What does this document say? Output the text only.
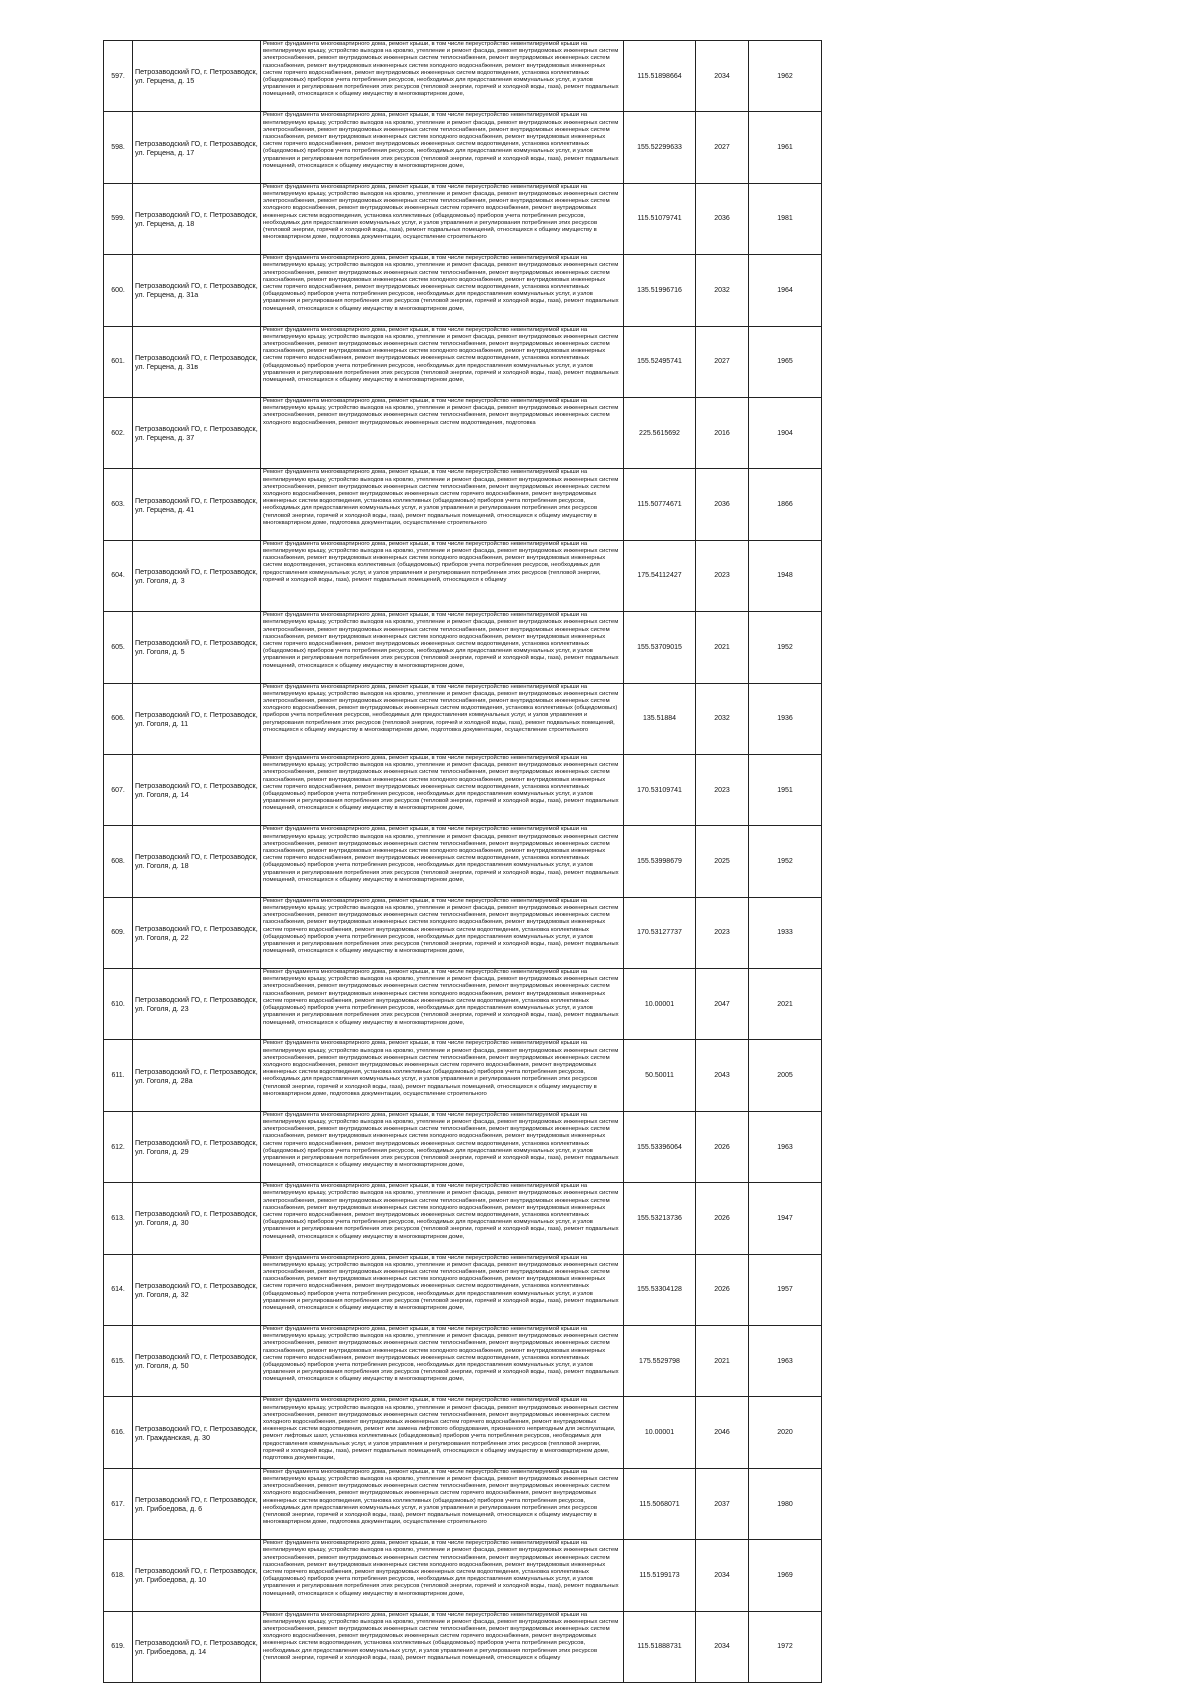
597.	Петрозаводский ГО, г. Петрозаводск, ул. Герцена, д. 15	Ремонт фундамента многоквартирного дома, ремонт крыши, в том числе переустройство невентилируемой крыши на вентилируемую крышу, устройство выходов на кровлю, утепление и ремонт фасада, ремонт внутридомовых инженерных систем электроснабжения, ремонт внутридомовых инженерных систем теплоснабжения, ремонт внутридомовых инженерных систем газоснабжения, ремонт внутридомовых инженерных систем холодного водоснабжения, ремонт внутридомовых инженерных систем горячего водоснабжения, ремонт внутридомовых инженерных систем водоотведения, установка коллективных (общедомовых) приборов учета потребления ресурсов, необходимых для предоставления коммунальных услуг, и узлов управления и регулирования потребления этих ресурсов (тепловой энергии, горячей и холодной воды, газа), ремонт подвальных помещений, относящихся к общему имуществу в многоквартирном доме,	115.51898664	2034	1962
598.	Петрозаводский ГО, г. Петрозаводск, ул. Герцена, д. 17	Ремонт фундамента многоквартирного дома, ремонт крыши, в том числе переустройство невентилируемой крыши на вентилируемую крышу, устройство выходов на кровлю, утепление и ремонт фасада, ремонт внутридомовых инженерных систем электроснабжения, ремонт внутридомовых инженерных систем теплоснабжения, ремонт внутридомовых инженерных систем газоснабжения, ремонт внутридомовых инженерных систем холодного водоснабжения, ремонт внутридомовых инженерных систем горячего водоснабжения, ремонт внутридомовых инженерных систем водоотведения, установка коллективных (общедомовых) приборов учета потребления ресурсов, необходимых для предоставления коммунальных услуг, и узлов управления и регулирования потребления этих ресурсов (тепловой энергии, горячей и холодной воды, газа), ремонт подвальных помещений, относящихся к общему имуществу в многоквартирном доме,	155.52299633	2027	1961
599.	Петрозаводский ГО, г. Петрозаводск, ул. Герцена, д. 18	Ремонт фундамента многоквартирного дома, ремонт крыши, в том числе переустройство невентилируемой крыши на вентилируемую крышу, устройство выходов на кровлю, утепление и ремонт фасада, ремонт внутридомовых инженерных систем электроснабжения, ремонт внутридомовых инженерных систем теплоснабжения, ремонт внутридомовых инженерных систем холодного водоснабжения, ремонт внутридомовых инженерных систем горячего водоснабжения, ремонт внутридомовых инженерных систем водоотведения, установка коллективных (общедомовых) приборов учета потребления ресурсов, необходимых для предоставления коммунальных услуг, и узлов управления и регулирования потребления этих ресурсов (тепловой энергии, горячей и холодной воды, газа), ремонт подвальных помещений, относящихся к общему имуществу в многоквартирном доме, подготовка документации, осуществление строительного	115.51079741	2036	1981
600.	Петрозаводский ГО, г. Петрозаводск, ул. Герцена, д. 31а	Ремонт фундамента многоквартирного дома, ремонт крыши, в том числе переустройство невентилируемой крыши на вентилируемую крышу, устройство выходов на кровлю, утепление и ремонт фасада, ремонт внутридомовых инженерных систем электроснабжения, ремонт внутридомовых инженерных систем теплоснабжения, ремонт внутридомовых инженерных систем газоснабжения, ремонт внутридомовых инженерных систем холодного водоснабжения, ремонт внутридомовых инженерных систем горячего водоснабжения, ремонт внутридомовых инженерных систем водоотведения, установка коллективных (общедомовых) приборов учета потребления ресурсов, необходимых для предоставления коммунальных услуг, и узлов управления и регулирования потребления этих ресурсов (тепловой энергии, горячей и холодной воды, газа), ремонт подвальных помещений, относящихся к общему имуществу в многоквартирном доме,	135.51996716	2032	1964
601.	Петрозаводский ГО, г. Петрозаводск, ул. Герцена, д. 31в	Ремонт фундамента многоквартирного дома, ремонт крыши, в том числе переустройство невентилируемой крыши на вентилируемую крышу, устройство выходов на кровлю, утепление и ремонт фасада, ремонт внутридомовых инженерных систем электроснабжения, ремонт внутридомовых инженерных систем теплоснабжения, ремонт внутридомовых инженерных систем газоснабжения, ремонт внутридомовых инженерных систем холодного водоснабжения, ремонт внутридомовых инженерных систем горячего водоснабжения, ремонт внутридомовых инженерных систем водоотведения, установка коллективных (общедомовых) приборов учета потребления ресурсов, необходимых для предоставления коммунальных услуг, и узлов управления и регулирования потребления этих ресурсов (тепловой энергии, горячей и холодной воды, газа), ремонт подвальных помещений, относящихся к общему имуществу в многоквартирном доме,	155.52495741	2027	1965
602.	Петрозаводский ГО, г. Петрозаводск, ул. Герцена, д. 37	Ремонт фундамента многоквартирного дома, ремонт крыши, в том числе переустройство невентилируемой крыши на вентилируемую крышу, устройство выходов на кровлю, утепление и ремонт фасада, ремонт внутридомовых инженерных систем электроснабжения, ремонт внутридомовых инженерных систем теплоснабжения, ремонт внутридомовых инженерных систем холодного водоснабжения, ремонт внутридомовых инженерных систем водоотведения, подготовка	225.5615692	2016	1904
603.	Петрозаводский ГО, г. Петрозаводск, ул. Герцена, д. 41	Ремонт фундамента многоквартирного дома, ремонт крыши, в том числе переустройство невентилируемой крыши на вентилируемую крышу, устройство выходов на кровлю, утепление и ремонт фасада, ремонт внутридомовых инженерных систем электроснабжения, ремонт внутридомовых инженерных систем теплоснабжения, ремонт внутридомовых инженерных систем холодного водоснабжения, ремонт внутридомовых инженерных систем горячего водоснабжения, ремонт внутридомовых инженерных систем водоотведения, установка коллективных (общедомовых) приборов учета потребления ресурсов, необходимых для предоставления коммунальных услуг, и узлов управления и регулирования потребления этих ресурсов (тепловой энергии, горячей и холодной воды, газа), ремонт подвальных помещений, относящихся к общему имуществу в многоквартирном доме, подготовка документации, осуществление строительного	115.50774671	2036	1866
604.	Петрозаводский ГО, г. Петрозаводск, ул. Гоголя, д. 3	Ремонт фундамента многоквартирного дома, ремонт крыши, в том числе переустройство невентилируемой крыши на вентилируемую крышу, устройство выходов на кровлю, утепление и ремонт фасада, ремонт внутридомовых инженерных систем газоснабжения, ремонт внутридомовых инженерных систем холодного водоснабжения, ремонт внутридомовых инженерных систем водоотведения, установка коллективных (общедомовых) приборов учета потребления ресурсов, необходимых для предоставления коммунальных услуг, и узлов управления и регулирования потребления этих ресурсов (тепловой энергии, горячей и холодной воды, газа), ремонт подвальных помещений, относящихся к общему	175.54112427	2023	1948
605.	Петрозаводский ГО, г. Петрозаводск, ул. Гоголя, д. 5	Ремонт фундамента многоквартирного дома, ремонт крыши, в том числе переустройство невентилируемой крыши на вентилируемую крышу, устройство выходов на кровлю, утепление и ремонт фасада, ремонт внутридомовых инженерных систем электроснабжения, ремонт внутридомовых инженерных систем теплоснабжения, ремонт внутридомовых инженерных систем газоснабжения, ремонт внутридомовых инженерных систем холодного водоснабжения, ремонт внутридомовых инженерных систем горячего водоснабжения, ремонт внутридомовых инженерных систем водоотведения, установка коллективных (общедомовых) приборов учета потребления ресурсов, необходимых для предоставления коммунальных услуг, и узлов управления и регулирования потребления этих ресурсов (тепловой энергии, горячей и холодной воды, газа), ремонт подвальных помещений, относящихся к общему имуществу в многоквартирном доме,	155.53709015	2021	1952
606.	Петрозаводский ГО, г. Петрозаводск, ул. Гоголя, д. 11	Ремонт фундамента многоквартирного дома, ремонт крыши, в том числе переустройство невентилируемой крыши на вентилируемую крышу, устройство выходов на кровлю, утепление и ремонт фасада, ремонт внутридомовых инженерных систем электроснабжения, ремонт внутридомовых инженерных систем теплоснабжения, ремонт внутридомовых инженерных систем холодного водоснабжения, ремонт внутридомовых инженерных систем водоотведения, установка коллективных (общедомовых) приборов учета потребления ресурсов, необходимых для предоставления коммунальных услуг, и узлов управления и регулирования потребления этих ресурсов (тепловой энергии, горячей и холодной воды, газа), ремонт подвальных помещений, относящихся к общему имуществу в многоквартирном доме, подготовка документации, осуществление строительного	135.51884	2032	1936
607.	Петрозаводский ГО, г. Петрозаводск, ул. Гоголя, д. 14	Ремонт фундамента многоквартирного дома, ремонт крыши, в том числе переустройство невентилируемой крыши на вентилируемую крышу, устройство выходов на кровлю, утепление и ремонт фасада, ремонт внутридомовых инженерных систем электроснабжения, ремонт внутридомовых инженерных систем теплоснабжения, ремонт внутридомовых инженерных систем газоснабжения, ремонт внутридомовых инженерных систем холодного водоснабжения, ремонт внутридомовых инженерных систем горячего водоснабжения, ремонт внутридомовых инженерных систем водоотведения, установка коллективных (общедомовых) приборов учета потребления ресурсов, необходимых для предоставления коммунальных услуг, и узлов управления и регулирования потребления этих ресурсов (тепловой энергии, горячей и холодной воды, газа), ремонт подвальных помещений, относящихся к общему имуществу в многоквартирном доме,	170.53109741	2023	1951
608.	Петрозаводский ГО, г. Петрозаводск, ул. Гоголя, д. 18	Ремонт фундамента многоквартирного дома, ремонт крыши, в том числе переустройство невентилируемой крыши на вентилируемую крышу, устройство выходов на кровлю, утепление и ремонт фасада, ремонт внутридомовых инженерных систем электроснабжения, ремонт внутридомовых инженерных систем теплоснабжения, ремонт внутридомовых инженерных систем газоснабжения, ремонт внутридомовых инженерных систем холодного водоснабжения, ремонт внутридомовых инженерных систем горячего водоснабжения, ремонт внутридомовых инженерных систем водоотведения, установка коллективных (общедомовых) приборов учета потребления ресурсов, необходимых для предоставления коммунальных услуг, и узлов управления и регулирования потребления этих ресурсов (тепловой энергии, горячей и холодной воды, газа), ремонт подвальных помещений, относящихся к общему имуществу в многоквартирном доме,	155.53998679	2025	1952
609.	Петрозаводский ГО, г. Петрозаводск, ул. Гоголя, д. 22	Ремонт фундамента многоквартирного дома, ремонт крыши, в том числе переустройство невентилируемой крыши на вентилируемую крышу, устройство выходов на кровлю, утепление и ремонт фасада, ремонт внутридомовых инженерных систем электроснабжения, ремонт внутридомовых инженерных систем теплоснабжения, ремонт внутридомовых инженерных систем газоснабжения, ремонт внутридомовых инженерных систем холодного водоснабжения, ремонт внутридомовых инженерных систем горячего водоснабжения, ремонт внутридомовых инженерных систем водоотведения, установка коллективных (общедомовых) приборов учета потребления ресурсов, необходимых для предоставления коммунальных услуг, и узлов управления и регулирования потребления этих ресурсов (тепловой энергии, горячей и холодной воды, газа), ремонт подвальных помещений, относящихся к общему имуществу в многоквартирном доме,	170.53127737	2023	1933
610.	Петрозаводский ГО, г. Петрозаводск, ул. Гоголя, д. 23	Ремонт фундамента многоквартирного дома, ремонт крыши, в том числе переустройство невентилируемой крыши на вентилируемую крышу, устройство выходов на кровлю, утепление и ремонт фасада, ремонт внутридомовых инженерных систем электроснабжения, ремонт внутридомовых инженерных систем теплоснабжения, ремонт внутридомовых инженерных систем газоснабжения, ремонт внутридомовых инженерных систем холодного водоснабжения, ремонт внутридомовых инженерных систем горячего водоснабжения, ремонт внутридомовых инженерных систем водоотведения, установка коллективных (общедомовых) приборов учета потребления ресурсов, необходимых для предоставления коммунальных услуг, и узлов управления и регулирования потребления этих ресурсов (тепловой энергии, горячей и холодной воды, газа), ремонт подвальных помещений, относящихся к общему имуществу в многоквартирном доме,	10.00001	2047	2021
611.	Петрозаводский ГО, г. Петрозаводск, ул. Гоголя, д. 28а	Ремонт фундамента многоквартирного дома, ремонт крыши, в том числе переустройство невентилируемой крыши на вентилируемую крышу, устройство выходов на кровлю, утепление и ремонт фасада, ремонт внутридомовых инженерных систем электроснабжения, ремонт внутридомовых инженерных систем теплоснабжения, ремонт внутридомовых инженерных систем холодного водоснабжения, ремонт внутридомовых инженерных систем горячего водоснабжения, ремонт внутридомовых инженерных систем водоотведения, установка коллективных (общедомовых) приборов учета потребления ресурсов, необходимых для предоставления коммунальных услуг, и узлов управления и регулирования потребления этих ресурсов (тепловой энергии, горячей и холодной воды, газа), ремонт подвальных помещений, относящихся к общему имуществу в многоквартирном доме, подготовка документации, осуществление строительного	50.50011	2043	2005
612.	Петрозаводский ГО, г. Петрозаводск, ул. Гоголя, д. 29	Ремонт фундамента многоквартирного дома, ремонт крыши, в том числе переустройство невентилируемой крыши на вентилируемую крышу, устройство выходов на кровлю, утепление и ремонт фасада, ремонт внутридомовых инженерных систем электроснабжения, ремонт внутридомовых инженерных систем теплоснабжения, ремонт внутридомовых инженерных систем газоснабжения, ремонт внутридомовых инженерных систем холодного водоснабжения, ремонт внутридомовых инженерных систем горячего водоснабжения, ремонт внутридомовых инженерных систем водоотведения, установка коллективных (общедомовых) приборов учета потребления ресурсов, необходимых для предоставления коммунальных услуг, и узлов управления и регулирования потребления этих ресурсов (тепловой энергии, горячей и холодной воды, газа), ремонт подвальных помещений, относящихся к общему имуществу в многоквартирном доме,	155.53396064	2026	1963
613.	Петрозаводский ГО, г. Петрозаводск, ул. Гоголя, д. 30	Ремонт фундамента многоквартирного дома, ремонт крыши, в том числе переустройство невентилируемой крыши на вентилируемую крышу, устройство выходов на кровлю, утепление и ремонт фасада, ремонт внутридомовых инженерных систем электроснабжения, ремонт внутридомовых инженерных систем теплоснабжения, ремонт внутридомовых инженерных систем газоснабжения, ремонт внутридомовых инженерных систем холодного водоснабжения, ремонт внутридомовых инженерных систем горячего водоснабжения, ремонт внутридомовых инженерных систем водоотведения, установка коллективных (общедомовых) приборов учета потребления ресурсов, необходимых для предоставления коммунальных услуг, и узлов управления и регулирования потребления этих ресурсов (тепловой энергии, горячей и холодной воды, газа), ремонт подвальных помещений, относящихся к общему имуществу в многоквартирном доме,	155.53213736	2026	1947
614.	Петрозаводский ГО, г. Петрозаводск, ул. Гоголя, д. 32	Ремонт фундамента многоквартирного дома, ремонт крыши, в том числе переустройство невентилируемой крыши на вентилируемую крышу, устройство выходов на кровлю, утепление и ремонт фасада, ремонт внутридомовых инженерных систем электроснабжения, ремонт внутридомовых инженерных систем теплоснабжения, ремонт внутридомовых инженерных систем газоснабжения, ремонт внутридомовых инженерных систем холодного водоснабжения, ремонт внутридомовых инженерных систем горячего водоснабжения, ремонт внутридомовых инженерных систем водоотведения, установка коллективных (общедомовых) приборов учета потребления ресурсов, необходимых для предоставления коммунальных услуг, и узлов управления и регулирования потребления этих ресурсов (тепловой энергии, горячей и холодной воды, газа), ремонт подвальных помещений, относящихся к общему имуществу в многоквартирном доме,	155.53304128	2026	1957
615.	Петрозаводский ГО, г. Петрозаводск, ул. Гоголя, д. 50	Ремонт фундамента многоквартирного дома, ремонт крыши, в том числе переустройство невентилируемой крыши на вентилируемую крышу, устройство выходов на кровлю, утепление и ремонт фасада, ремонт внутридомовых инженерных систем электроснабжения, ремонт внутридомовых инженерных систем теплоснабжения, ремонт внутридомовых инженерных систем газоснабжения, ремонт внутридомовых инженерных систем холодного водоснабжения, ремонт внутридомовых инженерных систем горячего водоснабжения, ремонт внутридомовых инженерных систем водоотведения, установка коллективных (общедомовых) приборов учета потребления ресурсов, необходимых для предоставления коммунальных услуг, и узлов управления и регулирования потребления этих ресурсов (тепловой энергии, горячей и холодной воды, газа), ремонт подвальных помещений, относящихся к общему имуществу в многоквартирном доме,	175.5529798	2021	1963
616.	Петрозаводский ГО, г. Петрозаводск, ул. Гражданская, д. 30	Ремонт фундамента многоквартирного дома, ремонт крыши, в том числе переустройство невентилируемой крыши на вентилируемую крышу, устройство выходов на кровлю, утепление и ремонт фасада, ремонт внутридомовых инженерных систем электроснабжения, ремонт внутридомовых инженерных систем теплоснабжения, ремонт внутридомовых инженерных систем холодного водоснабжения, ремонт внутридомовых инженерных систем горячего водоснабжения, ремонт внутридомовых инженерных систем водоотведения, ремонт или замена лифтового оборудования, признанного непригодным для эксплуатации, ремонт лифтовых шахт, установка коллективных (общедомовых) приборов учета потребления ресурсов, необходимых для предоставления коммунальных услуг, и узлов управления и регулирования потребления этих ресурсов (тепловой энергии, горячей и холодной воды, газа), ремонт подвальных помещений, относящихся к общему имуществу в многоквартирном доме, подготовка документации,	10.00001	2046	2020
617.	Петрозаводский ГО, г. Петрозаводск, ул. Грибоедова, д. 6	Ремонт фундамента многоквартирного дома, ремонт крыши, в том числе переустройство невентилируемой крыши на вентилируемую крышу, устройство выходов на кровлю, утепление и ремонт фасада, ремонт внутридомовых инженерных систем электроснабжения, ремонт внутридомовых инженерных систем теплоснабжения, ремонт внутридомовых инженерных систем холодного водоснабжения, ремонт внутридомовых инженерных систем горячего водоснабжения, ремонт внутридомовых инженерных систем водоотведения, установка коллективных (общедомовых) приборов учета потребления ресурсов, необходимых для предоставления коммунальных услуг, и узлов управления и регулирования потребления этих ресурсов (тепловой энергии, горячей и холодной воды, газа), ремонт подвальных помещений, относящихся к общему имуществу в многоквартирном доме, подготовка документации, осуществление строительного	115.5068071	2037	1980
618.	Петрозаводский ГО, г. Петрозаводск, ул. Грибоедова, д. 10	Ремонт фундамента многоквартирного дома, ремонт крыши, в том числе переустройство невентилируемой крыши на вентилируемую крышу, устройство выходов на кровлю, утепление и ремонт фасада, ремонт внутридомовых инженерных систем электроснабжения, ремонт внутридомовых инженерных систем теплоснабжения, ремонт внутридомовых инженерных систем газоснабжения, ремонт внутридомовых инженерных систем холодного водоснабжения, ремонт внутридомовых инженерных систем горячего водоснабжения, ремонт внутридомовых инженерных систем водоотведения, установка коллективных (общедомовых) приборов учета потребления ресурсов, необходимых для предоставления коммунальных услуг, и узлов управления и регулирования потребления этих ресурсов (тепловой энергии, горячей и холодной воды, газа), ремонт подвальных помещений, относящихся к общему имуществу в многоквартирном доме,	115.5199173	2034	1969
619.	Петрозаводский ГО, г. Петрозаводск, ул. Грибоедова, д. 14	Ремонт фундамента многоквартирного дома, ремонт крыши, в том числе переустройство невентилируемой крыши на вентилируемую крышу, устройство выходов на кровлю, утепление и ремонт фасада, ремонт внутридомовых инженерных систем электроснабжения, ремонт внутридомовых инженерных систем теплоснабжения, ремонт внутридомовых инженерных систем холодного водоснабжения, ремонт внутридомовых инженерных систем горячего водоснабжения, ремонт внутридомовых инженерных систем водоотведения, установка коллективных (общедомовых) приборов учета потребления ресурсов, необходимых для предоставления коммунальных услуг, и узлов управления и регулирования потребления этих ресурсов (тепловой энергии, горячей и холодной воды, газа), ремонт подвальных помещений, относящихся к общему	115.51888731	2034	1972
